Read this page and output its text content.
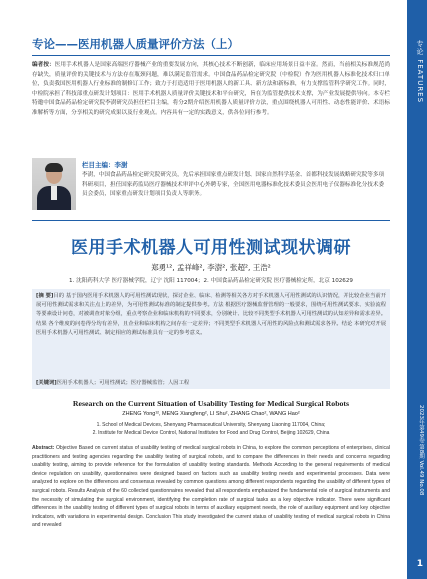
专论 FEATURES
2023年第49卷 第8期 Vol.49 No.08
1
专论——医用机器人质量评价方法（上）
编者按：医用手术机器人是国家高端医疗器械产业的重要发展方向，其核心技术不断创新，临床应用场景日益丰富。然而，当前相关标准规范尚存缺失，质量评价的关键技术与方法存在瓶颈问题，难以满足监管需求。中国食品药品检定研究院（中检院）作为医用机器人标准化技术归口单位，负责我国医用机器人行业标准的制修订工作；致力于打造适用于医用机器人的新工具、新方法和新标准，有力支撑监管科学研究工作。同时，中检院承担了科技部重点研发计划项目：医用手术机器人质量评价关键技术和平台研究，旨在为监管提供技术支撑，为产业发展提供导向。本专栏特邀中国食品药品检定研究院李澍研究员担任栏目主编，将分2期介绍医用机器人质量评价方法，重点围绕机器人可用性、动态性能评价、术语标准解析等方面，分享相关的研究成果以及行业观点。内容具有一定的实践意义，供各位同行参考。
栏目主编：李澍
李澍，中国食品药品检定研究院研究员，先后承担国家重点研发计划、国家自然科学基金、首都科技发展战略研究院等多项科研项目，担任国家药监局医疗器械技术审评中心外聘专家，全国医用电器标准化技术委员会医用电子仪器标准化分技术委员会委员，国家重点研发计划项目负责人等职务。
医用手术机器人可用性测试现状调研
郑勇¹², 孟祥峰², 李澍², 张超², 王浩²
1. 沈阳药科大学 医疗器械学院，辽宁 沈阳 117004；2. 中国食品药品检定研究院 医疗器械检定所，北京 102629
[摘 要]目的 基于国内医用手术机器人的可用性测试现状，探讨企业、临床、检测等相关各方对手术机器人可用性测试的认识情况，并比较企业当前开展可用性测试需求和关注点上的差异，为可用性测试标准的制定提供参考。方法 根据医疗器械监督管理的一般要求，围绕可用性测试要求、实验流程等要素设计问卷，对被调查对象分组，重点考察企业和临床机构的不同要求，分别统计、比较不同类型手术机器人可用性测试的认知差异和需求差异。结果 各个维度的问卷得分均有差异，且企业和临床机构之间存在一定差异；不同类型手术机器人可用性的风险点和测试需求各异。结论 本研究对开展医用手术机器人可用性测试、制定相应的测试标准具有一定的参考意义。
[关键词]医用手术机器人；可用性测试；医疗器械监管；人因工程
Research on the Current Situation of Usability Testing for Medical Surgical Robots
ZHENG Yong¹², MENG Xiangfeng², LI Shu², ZHANG Chao², WANG Hao²
1. School of Medical Devices, Shenyang Pharmaceutical University, Shenyang Liaoning 117004, China;
2. Institute for Medical Device Control, National Institutes for Food and Drug Control, Beijing 102629, China
Abstract: Objective Based on current status of usability testing of medical surgical robots in China, to explore the common perceptions of enterprises, clinical practitioners and testing agencies regarding the usability testing of surgical robots, and to compare the differences in their needs and concerns regarding usability testing, aiming to provide reference for the formulation of usability testing standards. Methods According to the general requirements of medical device regulation on usability, questionnaires were designed based on factors such as usability testing needs and experimental processes. Data were analyzed to explore on the differences and consensus revealed by common questions among different respondents regarding the usability of different types of surgical robots. Results Analysis of the 60 collected questionnaires revealed that all respondents emphasized the fundamental role of surgical instruments and the necessity of simulating the surgical environment, identifying the completion rate of surgical tasks as a key objective indicator. There were significant differences in the usability testing of different types of surgical robots in terms of auxiliary equipment needs, the role of auxiliary equipment and key objective indicators, with variations in experimental design. Conclusion This study investigated the current status of usability testing of medical surgical robots in China and revealed
